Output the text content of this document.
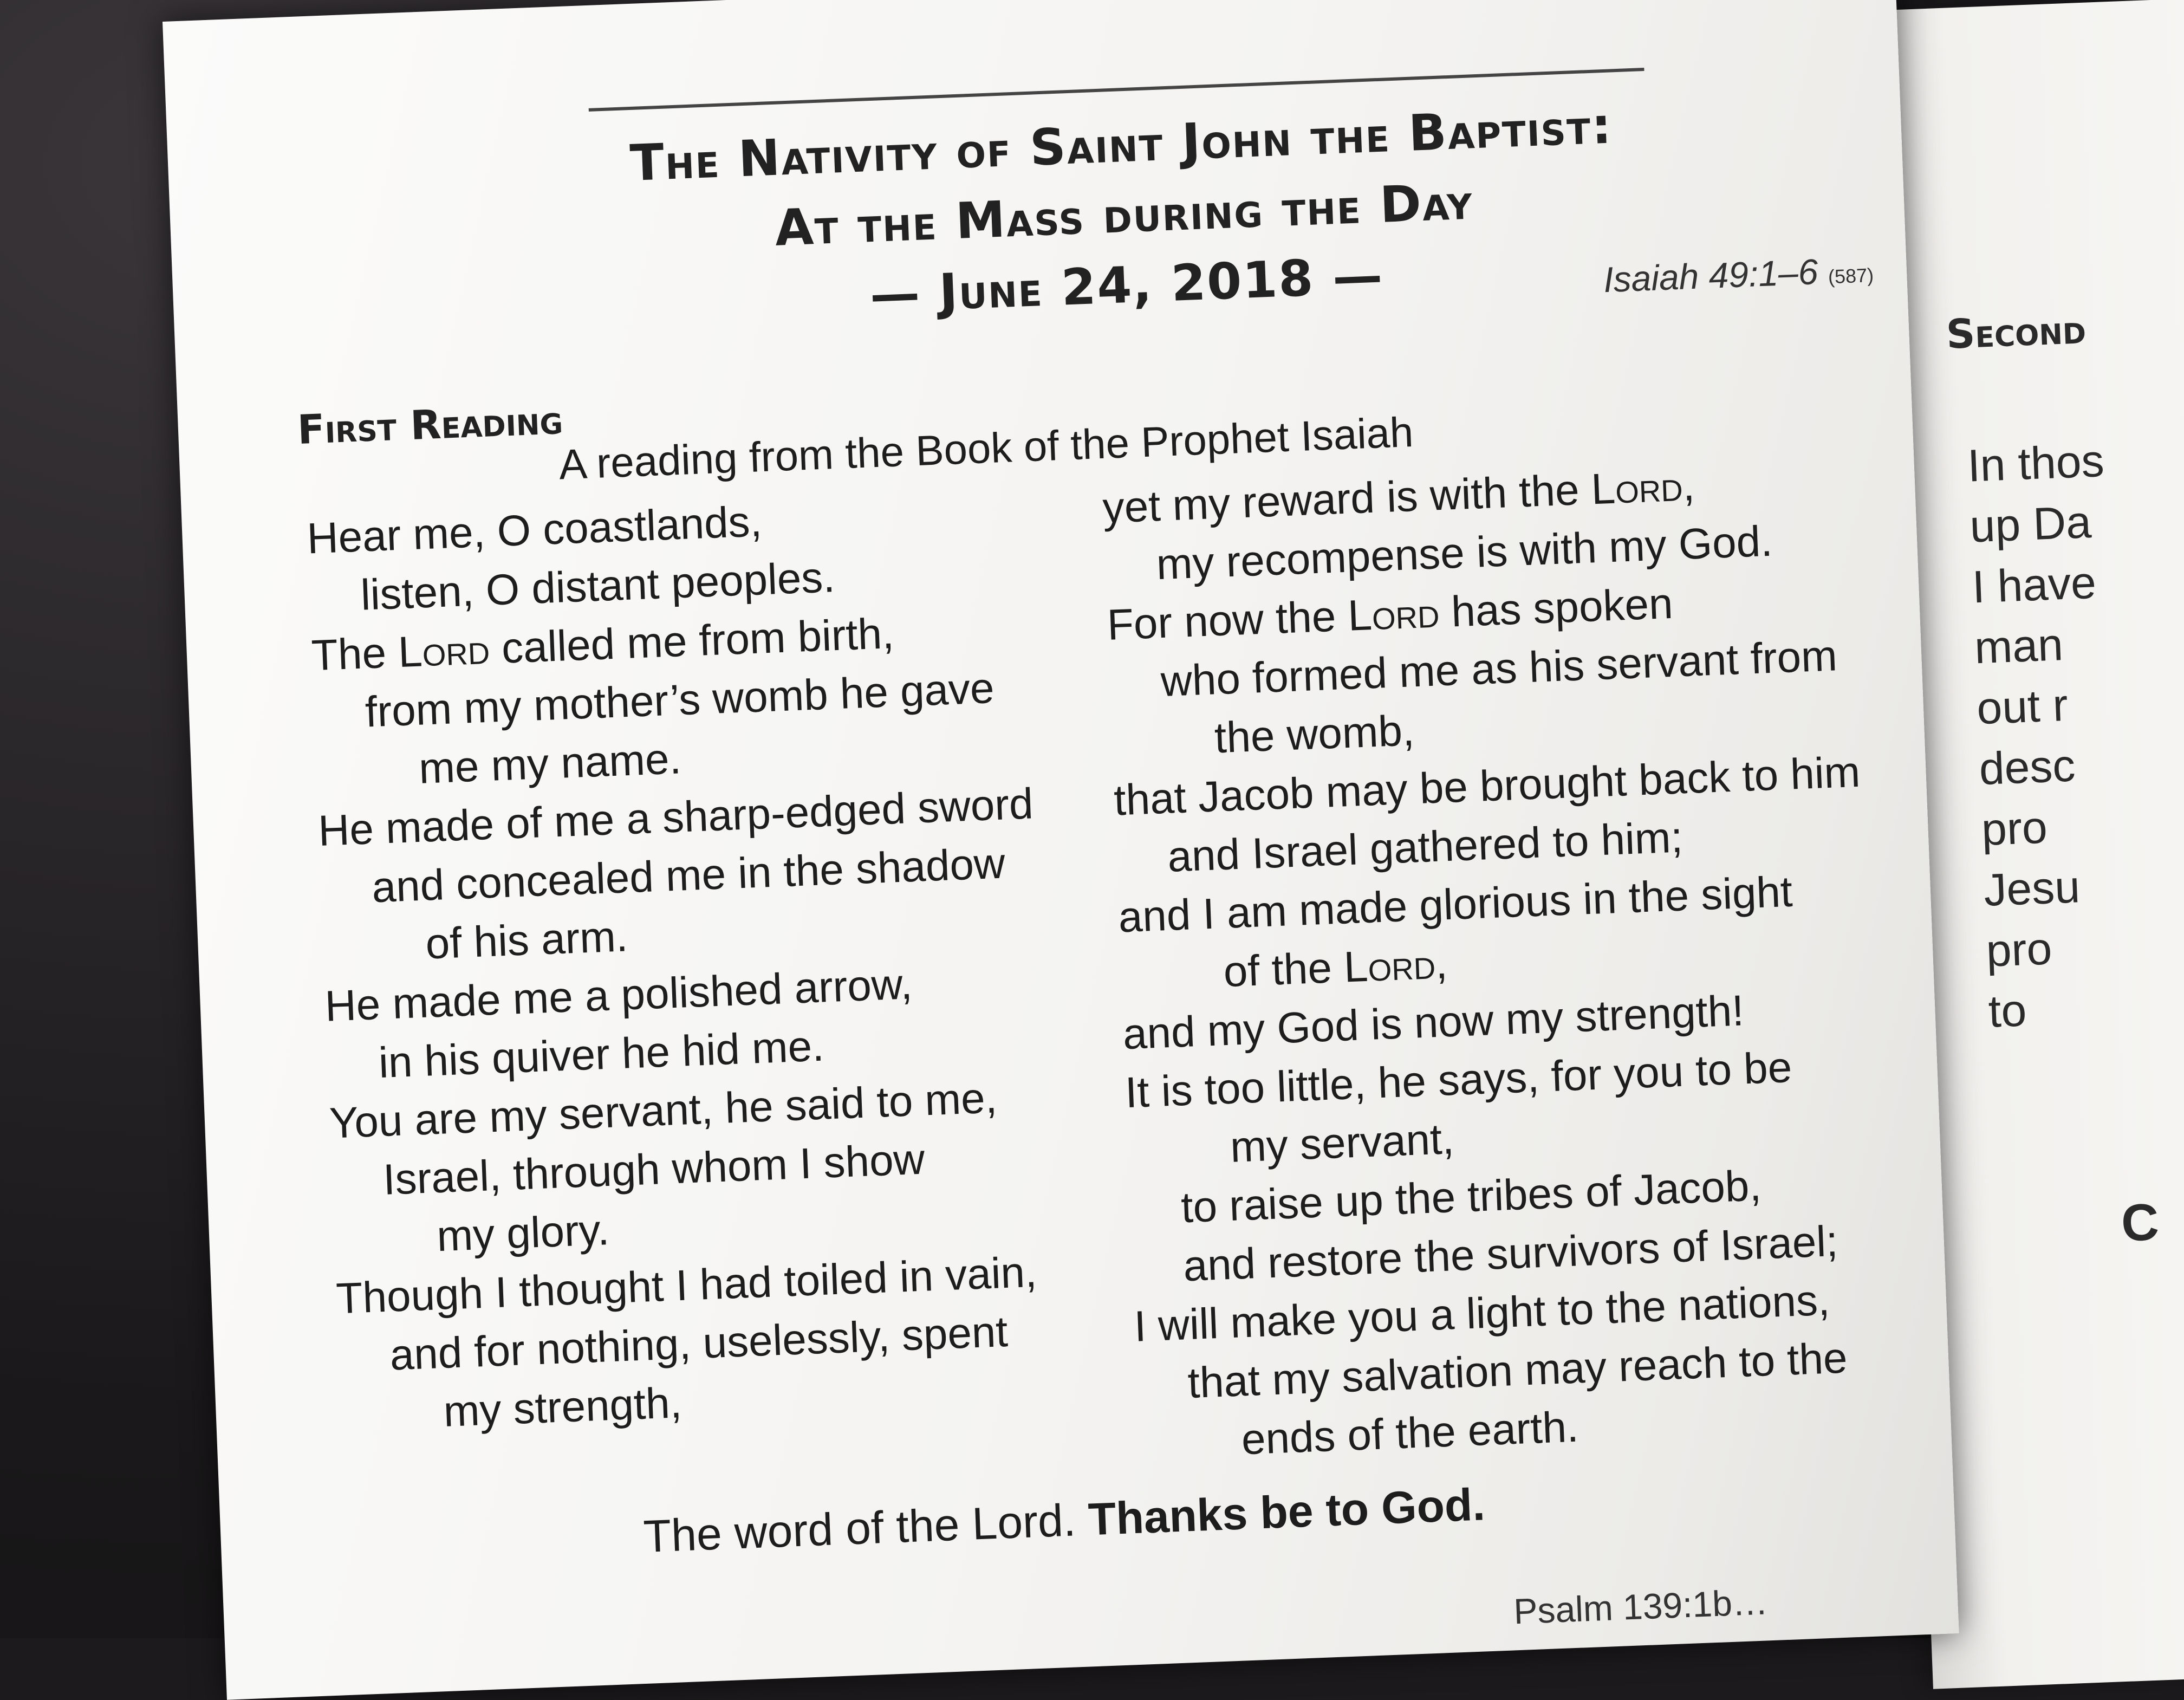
Second
In thos
up Da
I have
man
out r
desc
pro
Jesu
pro
to
C
The Nativity of Saint John the Baptist:
At the Mass during the Day
— June 24, 2018 —	Isaiah 49:1–6 (587)
First Reading
A reading from the Book of the Prophet Isaiah
Hear me, O coastlands,
listen, O distant peoples.
The Lord called me from birth,
from my mother’s womb he gave
me my name.
He made of me a sharp-edged sword
and concealed me in the shadow
of his arm.
He made me a polished arrow,
in his quiver he hid me.
You are my servant, he said to me,
Israel, through whom I show
my glory.
Though I thought I had toiled in vain,
and for nothing, uselessly, spent
my strength,
yet my reward is with the Lord,
my recompense is with my God.
For now the Lord has spoken
who formed me as his servant from
the womb,
that Jacob may be brought back to him
and Israel gathered to him;
and I am made glorious in the sight
of the Lord,
and my God is now my strength!
It is too little, he says, for you to be
my servant,
to raise up the tribes of Jacob,
and restore the survivors of Israel;
I will make you a light to the nations,
that my salvation may reach to the
ends of the earth.
The word of the Lord. Thanks be to God.
Psalm 139:1b…
